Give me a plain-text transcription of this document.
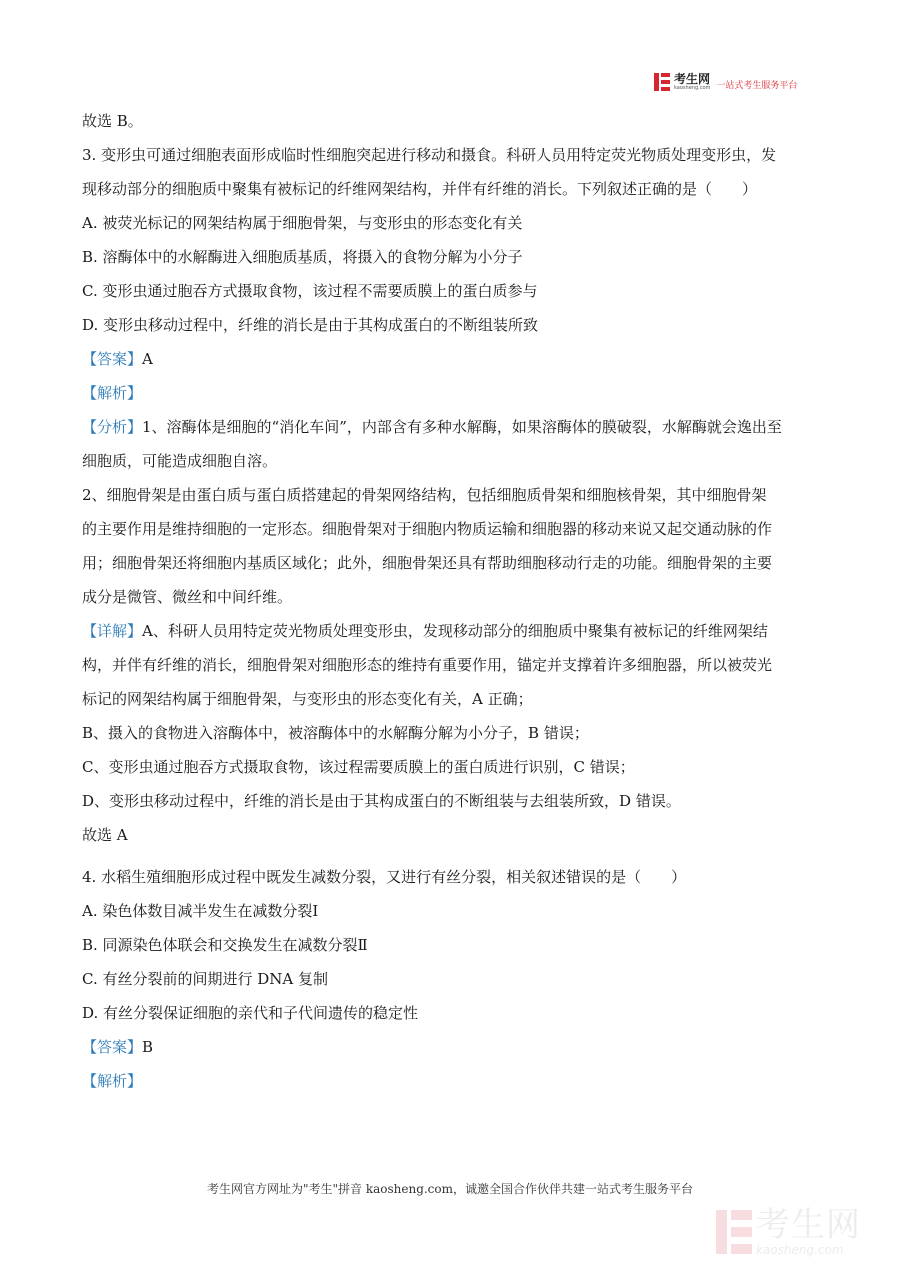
考生网
kaosheng.com 一站式考生服务平台
故选 B。
3. 变形虫可通过细胞表面形成临时性细胞突起进行移动和摄食。科研人员用特定荧光物质处理变形虫，发
现移动部分的细胞质中聚集有被标记的纤维网架结构，并伴有纤维的消长。下列叙述正确的是（　　）
A. 被荧光标记的网架结构属于细胞骨架，与变形虫的形态变化有关
B. 溶酶体中的水解酶进入细胞质基质，将摄入的食物分解为小分子
C. 变形虫通过胞吞方式摄取食物，该过程不需要质膜上的蛋白质参与
D. 变形虫移动过程中，纤维的消长是由于其构成蛋白的不断组装所致
【答案】A
【解析】
【分析】1、溶酶体是细胞的“消化车间”，内部含有多种水解酶，如果溶酶体的膜破裂，水解酶就会逸出至
细胞质，可能造成细胞自溶。
2、细胞骨架是由蛋白质与蛋白质搭建起的骨架网络结构，包括细胞质骨架和细胞核骨架，其中细胞骨架
的主要作用是维持细胞的一定形态。细胞骨架对于细胞内物质运输和细胞器的移动来说又起交通动脉的作
用；细胞骨架还将细胞内基质区域化；此外，细胞骨架还具有帮助细胞移动行走的功能。细胞骨架的主要
成分是微管、微丝和中间纤维。
【详解】A、科研人员用特定荧光物质处理变形虫，发现移动部分的细胞质中聚集有被标记的纤维网架结
构，并伴有纤维的消长，细胞骨架对细胞形态的维持有重要作用，锚定并支撑着许多细胞器，所以被荧光
标记的网架结构属于细胞骨架，与变形虫的形态变化有关，A 正确；
B、摄入的食物进入溶酶体中，被溶酶体中的水解酶分解为小分子，B 错误；
C、变形虫通过胞吞方式摄取食物，该过程需要质膜上的蛋白质进行识别，C 错误；
D、变形虫移动过程中，纤维的消长是由于其构成蛋白的不断组装与去组装所致，D 错误。
故选 A
4. 水稻生殖细胞形成过程中既发生减数分裂，又进行有丝分裂，相关叙述错误的是（　　）
A. 染色体数目减半发生在减数分裂Ⅰ
B. 同源染色体联会和交换发生在减数分裂Ⅱ
C. 有丝分裂前的间期进行 DNA 复制
D. 有丝分裂保证细胞的亲代和子代间遗传的稳定性
【答案】B
【解析】
考生网官方网址为"考生"拼音 kaosheng.com，诚邀全国合作伙伴共建一站式考生服务平台
考生网
kaosheng.com
